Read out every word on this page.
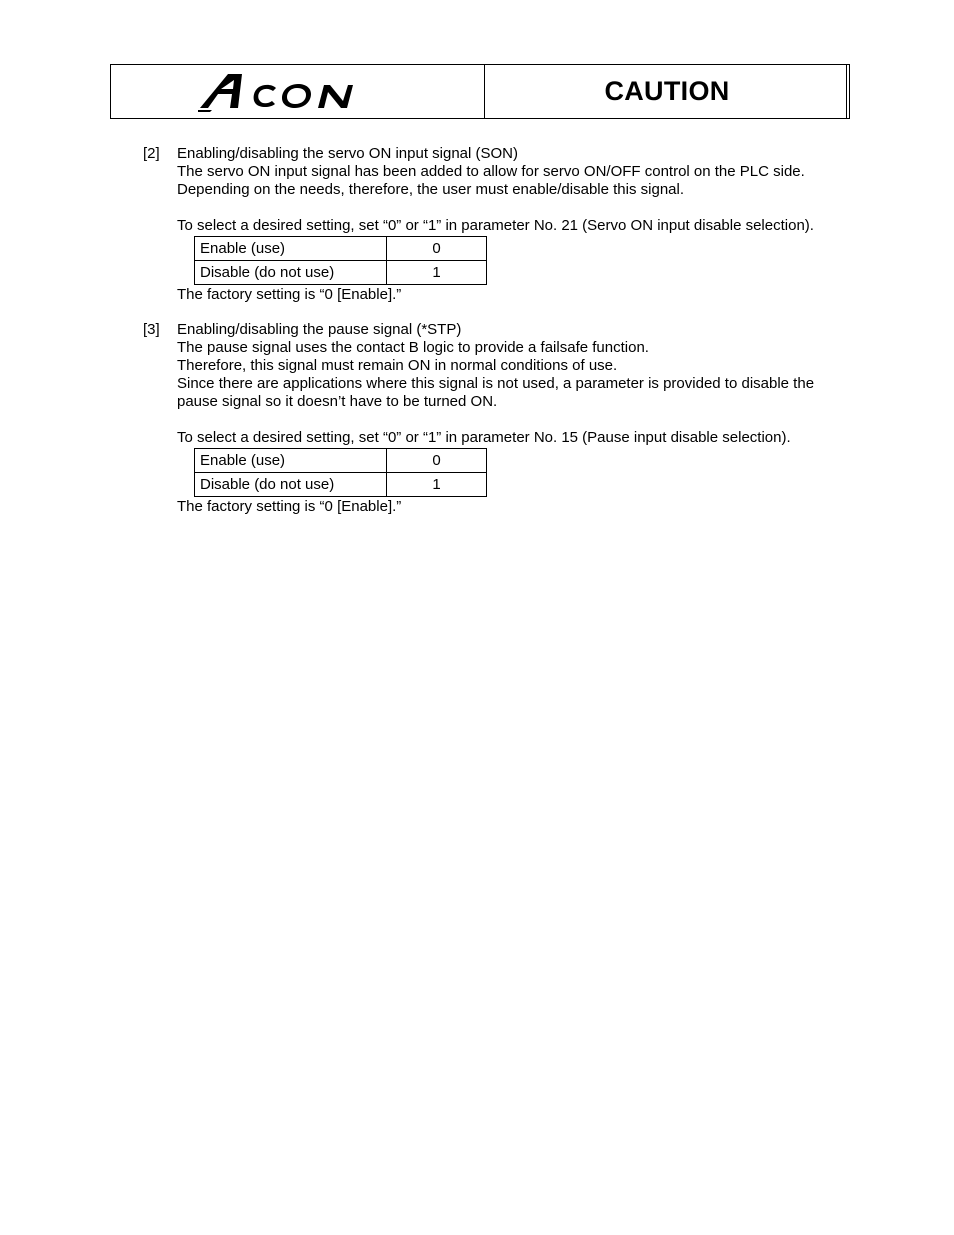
CAUTION
[2] Enabling/disabling the servo ON input signal (SON)

The servo ON input signal has been added to allow for servo ON/OFF control on the PLC side.

Depending on the needs, therefore, the user must enable/disable this signal.

To select a desired setting, set “0” or “1” in parameter No. 21 (Servo ON input disable selection).

Enable (use)	0
Disable (do not use)	1

The factory setting is “0 [Enable].”

[3] Enabling/disabling the pause signal (*STP)

The pause signal uses the contact B logic to provide a failsafe function.

Therefore, this signal must remain ON in normal conditions of use.

Since there are applications where this signal is not used, a parameter is provided to disable the

pause signal so it doesn’t have to be turned ON.

To select a desired setting, set “0” or “1” in parameter No. 15 (Pause input disable selection).

Enable (use)	0
Disable (do not use)	1

The factory setting is “0 [Enable].”
